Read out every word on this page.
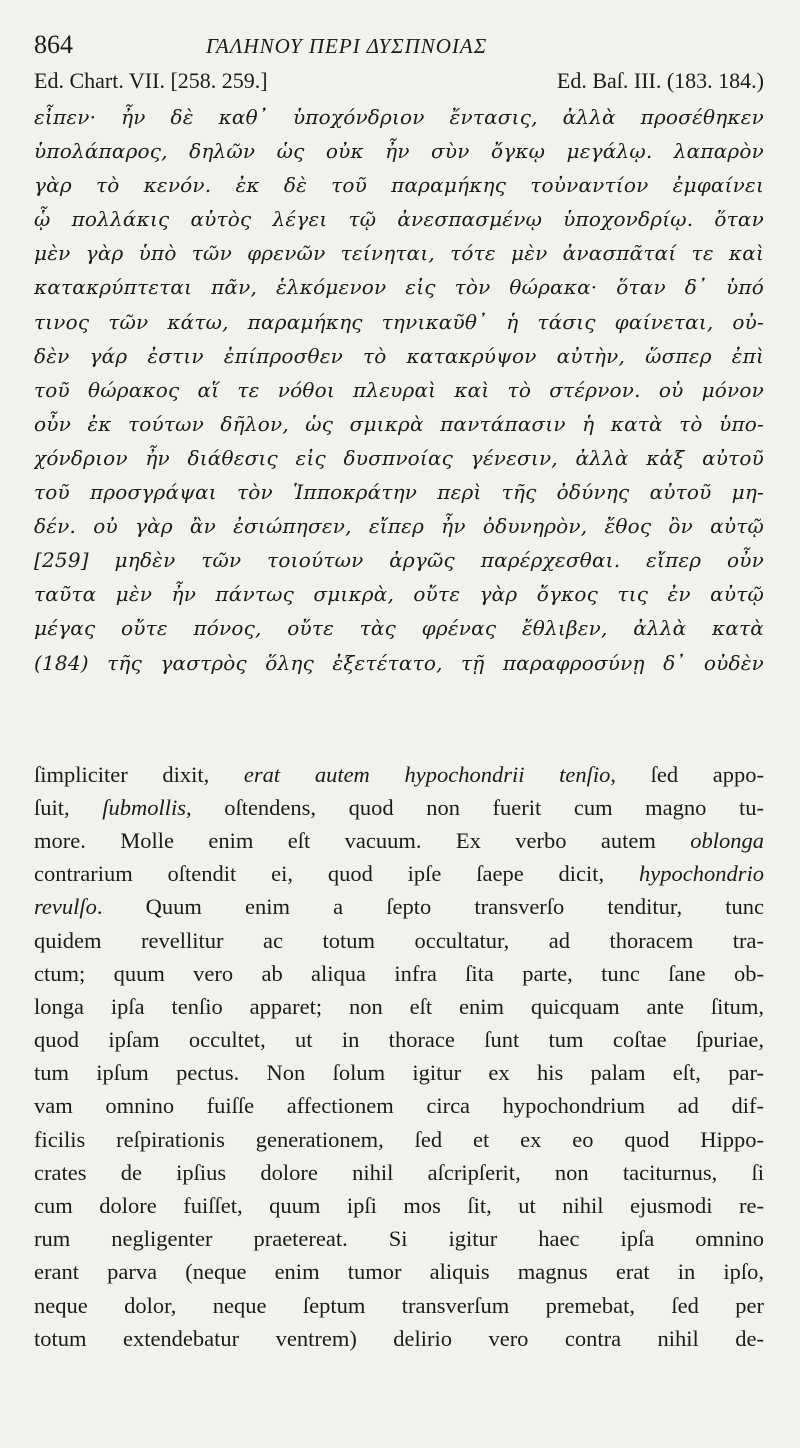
864	ΓΑΛΗΝΟΥ ΠΕΡΙ ΔΥΣΠΝΟΙΑΣ
Ed. Chart. VII. [258. 259.]	Ed. Baſ. III. (183. 184.)
εἶπεν· ἦν δὲ καθ᾽ ὑποχόνδριον ἔντασις, ἀλλὰ προσέθηκεν
ὑπολάπαρος, δηλῶν ὡς οὐκ ἦν σὺν ὄγκῳ μεγάλῳ. λαπαρὸν
γὰρ τὸ κενόν. ἐκ δὲ τοῦ παραμήκης τοὐναντίον ἐμφαίνει
ᾧ πολλάκις αὐτὸς λέγει τῷ ἀνεσπασμένῳ ὑποχονδρίῳ. ὅταν
μὲν γὰρ ὑπὸ τῶν φρενῶν τείνηται, τότε μὲν ἀνασπᾶταί τε καὶ
κατακρύπτεται πᾶν, ἑλκόμενον εἰς τὸν θώρακα· ὅταν δ᾽ ὑπό
τινος τῶν κάτω, παραμήκης τηνικαῦθ᾽ ἡ τάσις φαίνεται, οὐ-
δὲν γάρ ἐστιν ἐπίπροσθεν τὸ κατακρύψον αὐτὴν, ὥσπερ ἐπὶ
τοῦ θώρακος αἵ τε νόθοι πλευραὶ καὶ τὸ στέρνον. οὐ μόνον
οὖν ἐκ τούτων δῆλον, ὡς σμικρὰ παντάπασιν ἡ κατὰ τὸ ὑπο-
χόνδριον ἦν διάθεσις εἰς δυσπνοίας γένεσιν, ἀλλὰ κἀξ αὐτοῦ
τοῦ προσγράψαι τὸν Ἱπποκράτην περὶ τῆς ὀδύνης αὐτοῦ μη-
δέν. οὐ γὰρ ἂν ἐσιώπησεν, εἴπερ ἦν ὀδυνηρὸν, ἔθος ὂν αὐτῷ
[259] μηδὲν τῶν τοιούτων ἀργῶς παρέρχεσθαι. εἴπερ οὖν
ταῦτα μὲν ἦν πάντως σμικρὰ, οὔτε γὰρ ὄγκος τις ἐν αὐτῷ
μέγας οὔτε πόνος, οὔτε τὰς φρένας ἔθλιβεν, ἀλλὰ κατὰ
(184) τῆς γαστρὸς ὅλης ἐξετέτατο, τῇ παραφροσύνῃ δ᾽ οὐδὲν
ſimpliciter dixit, erat autem hypochondrii tenſio, ſed appo-
ſuit, ſubmollis, oſtendens, quod non fuerit cum magno tu-
more. Molle enim eſt vacuum. Ex verbo autem oblonga
contrarium oſtendit ei, quod ipſe ſaepe dicit, hypochondrio
revulſo. Quum enim a ſepto transverſo tenditur, tunc
quidem revellitur ac totum occultatur, ad thoracem tra-
ctum; quum vero ab aliqua infra ſita parte, tunc ſane ob-
longa ipſa tenſio apparet; non eſt enim quicquam ante ſitum,
quod ipſam occultet, ut in thorace ſunt tum coſtae ſpuriae,
tum ipſum pectus. Non ſolum igitur ex his palam eſt, par-
vam omnino fuiſſe affectionem circa hypochondrium ad dif-
ficilis reſpirationis generationem, ſed et ex eo quod Hippo-
crates de ipſius dolore nihil aſcripſerit, non taciturnus, ſi
cum dolore fuiſſet, quum ipſi mos ſit, ut nihil ejusmodi re-
rum negligenter praetereat. Si igitur haec ipſa omnino
erant parva (neque enim tumor aliquis magnus erat in ipſo,
neque dolor, neque ſeptum transverſum premebat, ſed per
totum extendebatur ventrem) delirio vero contra nihil de-
